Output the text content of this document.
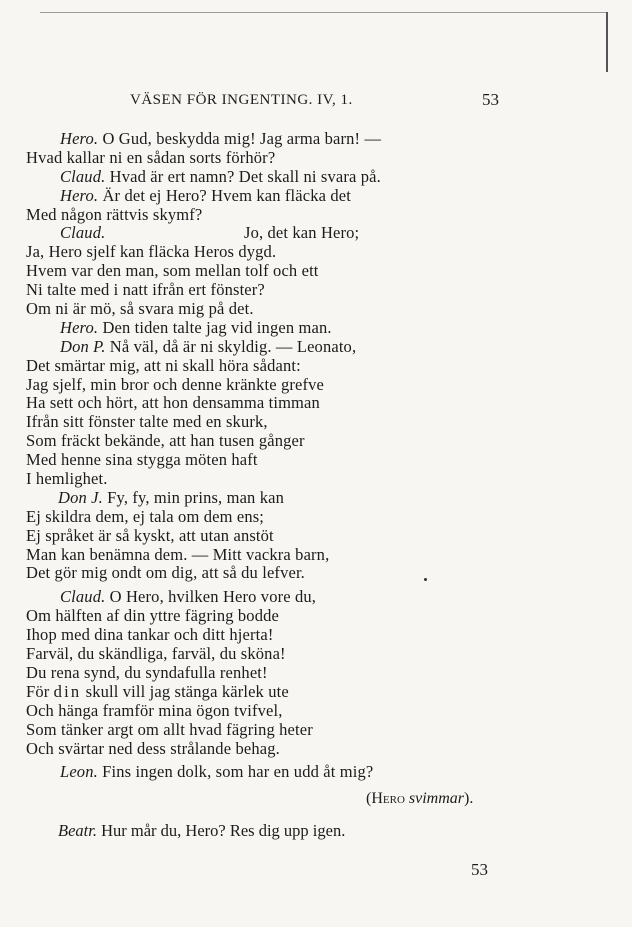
VÄSEN FÖR INGENTING. IV, 1.	53
Hero. O Gud, beskydda mig! Jag arma barn! —
Hvad kallar ni en sådan sorts förhör?
Claud. Hvad är ert namn? Det skall ni svara på.
Hero. Är det ej Hero? Hvem kan fläcka det
Med någon rättvis skymf?
Claud.	Jo, det kan Hero;
Ja, Hero sjelf kan fläcka Heros dygd.
Hvem var den man, som mellan tolf och ett
Ni talte med i natt ifrån ert fönster?
Om ni är mö, så svara mig på det.
Hero. Den tiden talte jag vid ingen man.
Don P. Nå väl, då är ni skyldig. — Leonato,
Det smärtar mig, att ni skall höra sådant:
Jag sjelf, min bror och denne kränkte grefve
Ha sett och hört, att hon densamma timman
Ifrån sitt fönster talte med en skurk,
Som fräckt bekände, att han tusen gånger
Med henne sina stygga möten haft
I hemlighet.
Don J. Fy, fy, min prins, man kan
Ej skildra dem, ej tala om dem ens;
Ej språket är så kyskt, att utan anstöt
Man kan benämna dem. — Mitt vackra barn,
Det gör mig ondt om dig, att så du lefver.
Claud. O Hero, hvilken Hero vore du,
Om hälften af din yttre fägring bodde
Ihop med dina tankar och ditt hjerta!
Farväl, du skändliga, farväl, du sköna!
Du rena synd, du syndafulla renhet!
För din skull vill jag stänga kärlek ute
Och hänga framför mina ögon tvifvel,
Som tänker argt om allt hvad fägring heter
Och svärtar ned dess strålande behag.
Leon. Fins ingen dolk, som har en udd åt mig?
(Hero svimmar).
Beatr. Hur mår du, Hero? Res dig upp igen.
53
